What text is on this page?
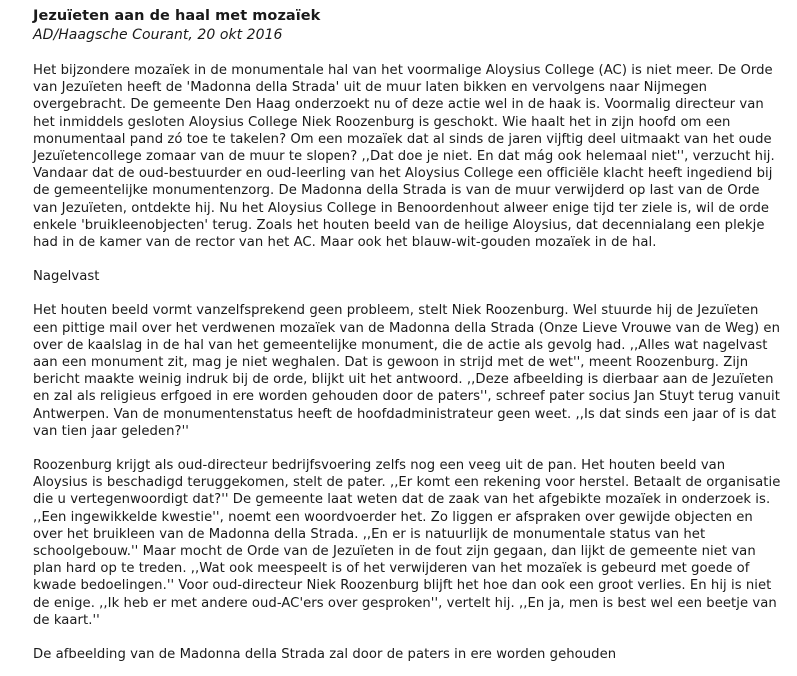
Jezuïeten aan de haal met mozaïek
AD/Haagsche Courant, 20 okt 2016

Het bijzondere mozaïek in de monumentale hal van het voormalige Aloysius College (AC) is niet meer. De Orde van Jezuïeten heeft de 'Madonna della Strada' uit de muur laten bikken en vervolgens naar Nijmegen overgebracht. De gemeente Den Haag onderzoekt nu of deze actie wel in de haak is. Voormalig directeur van het inmiddels gesloten Aloysius College Niek Roozenburg is geschokt. Wie haalt het in zijn hoofd om een monumentaal pand zó toe te takelen? Om een mozaïek dat al sinds de jaren vijftig deel uitmaakt van het oude Jezuïetencollege zomaar van de muur te slopen? ,,Dat doe je niet. En dat mág ook helemaal niet'', verzucht hij. Vandaar dat de oud-bestuurder en oud-leerling van het Aloysius College een officiële klacht heeft ingediend bij de gemeentelijke monumentenzorg. De Madonna della Strada is van de muur verwijderd op last van de Orde van Jezuïeten, ontdekte hij. Nu het Aloysius College in Benoordenhout alweer enige tijd ter ziele is, wil de orde enkele 'bruikleenobjecten' terug. Zoals het houten beeld van de heilige Aloysius, dat decennialang een plekje had in de kamer van de rector van het AC. Maar ook het blauw-wit-gouden mozaïek in de hal.

Nagelvast

Het houten beeld vormt vanzelfsprekend geen probleem, stelt Niek Roozenburg. Wel stuurde hij de Jezuïeten een pittige mail over het verdwenen mozaïek van de Madonna della Strada (Onze Lieve Vrouwe van de Weg) en over de kaalslag in de hal van het gemeentelijke monument, die de actie als gevolg had. ,,Alles wat nagelvast aan een monument zit, mag je niet weghalen. Dat is gewoon in strijd met de wet'', meent Roozenburg. Zijn bericht maakte weinig indruk bij de orde, blijkt uit het antwoord. ,,Deze afbeelding is dierbaar aan de Jezuïeten en zal als religieus erfgoed in ere worden gehouden door de paters'', schreef pater socius Jan Stuyt terug vanuit Antwerpen. Van de monumentenstatus heeft de hoofdadministrateur geen weet. ,,Is dat sinds een jaar of is dat van tien jaar geleden?''

Roozenburg krijgt als oud-directeur bedrijfsvoering zelfs nog een veeg uit de pan. Het houten beeld van Aloysius is beschadigd teruggekomen, stelt de pater. ,,Er komt een rekening voor herstel. Betaalt de organisatie die u vertegenwoordigt dat?'' De gemeente laat weten dat de zaak van het afgebikte mozaïek in onderzoek is. ,,Een ingewikkelde kwestie'', noemt een woordvoerder het. Zo liggen er afspraken over gewijde objecten en over het bruikleen van de Madonna della Strada. ,,En er is natuurlijk de monumentale status van het schoolgebouw.'' Maar mocht de Orde van de Jezuïeten in de fout zijn gegaan, dan lijkt de gemeente niet van plan hard op te treden. ,,Wat ook meespeelt is of het verwijderen van het mozaïek is gebeurd met goede of kwade bedoelingen.'' Voor oud-directeur Niek Roozenburg blijft het hoe dan ook een groot verlies. En hij is niet de enige. ,,Ik heb er met andere oud-AC'ers over gesproken'', vertelt hij. ,,En ja, men is best wel een beetje van de kaart.''

De afbeelding van de Madonna della Strada zal door de paters in ere worden gehouden
